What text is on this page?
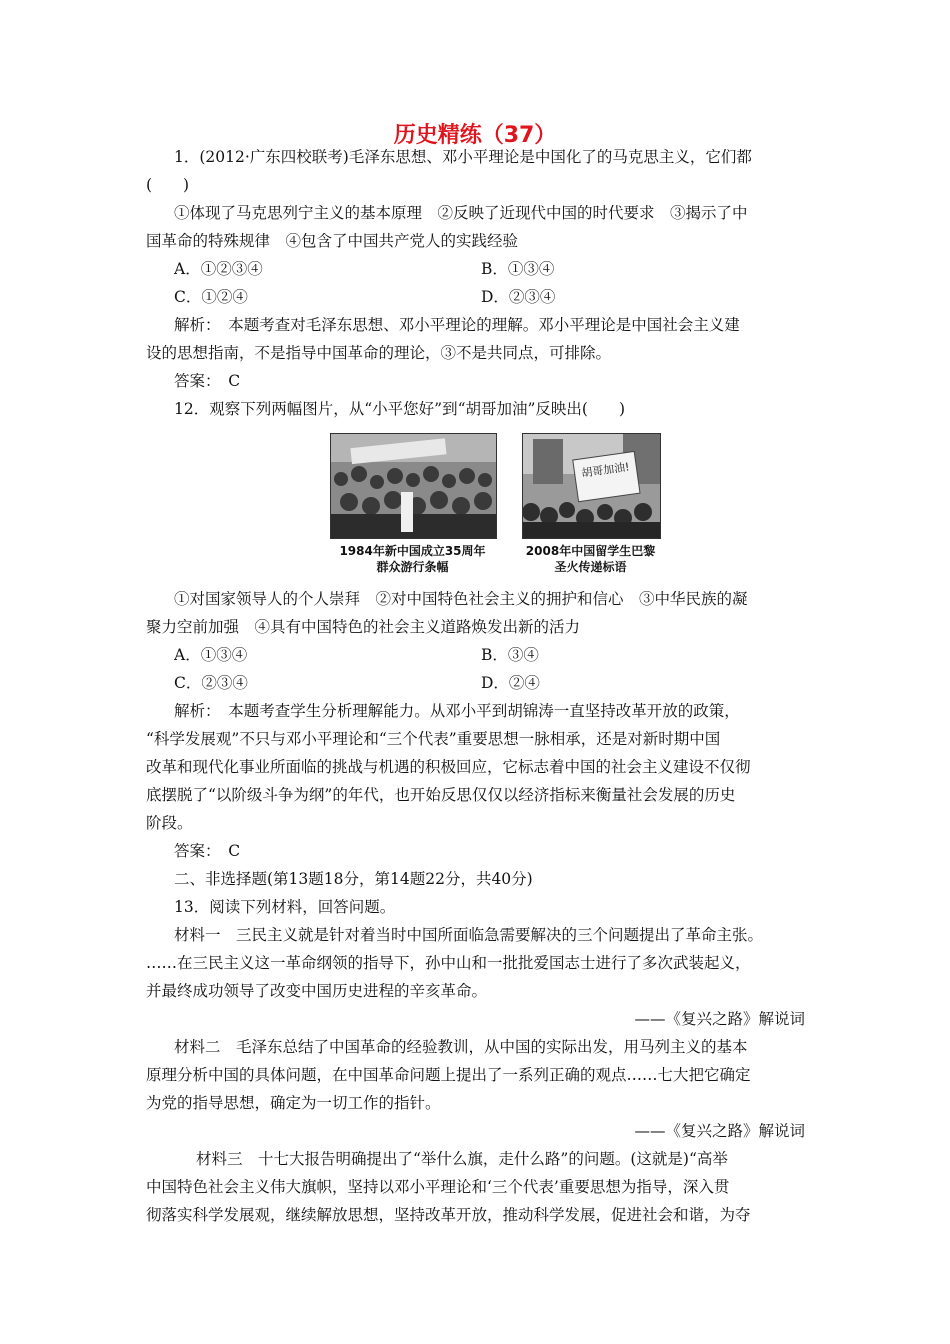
历史精练（37）
1．(2012·广东四校联考)毛泽东思想、邓小平理论是中国化了的马克思主义，它们都
(　　)
①体现了马克思列宁主义的基本原理　②反映了近现代中国的时代要求　③揭示了中
国革命的特殊规律　④包含了中国共产党人的实践经验
A．①②③④	B．①③④
C．①②④	D．②③④
解析：　本题考查对毛泽东思想、邓小平理论的理解。邓小平理论是中国社会主义建
设的思想指南，不是指导中国革命的理论，③不是共同点，可排除。
答案：　C
12．观察下列两幅图片，从“小平您好”到“胡哥加油”反映出(　　)
1984年新中国成立35周年
群众游行条幅
胡哥加油!
2008年中国留学生巴黎
圣火传递标语
①对国家领导人的个人崇拜　②对中国特色社会主义的拥护和信心　③中华民族的凝
聚力空前加强　④具有中国特色的社会主义道路焕发出新的活力
A．①③④	B．③④
C．②③④	D．②④
解析：　本题考查学生分析理解能力。从邓小平到胡锦涛一直坚持改革开放的政策，
“科学发展观”不只与邓小平理论和“三个代表”重要思想一脉相承，还是对新时期中国
改革和现代化事业所面临的挑战与机遇的积极回应，它标志着中国的社会主义建设不仅彻
底摆脱了“以阶级斗争为纲”的年代，也开始反思仅仅以经济指标来衡量社会发展的历史
阶段。
答案：　C
二、非选择题(第13题18分，第14题22分，共40分)
13．阅读下列材料，回答问题。
材料一　三民主义就是针对着当时中国所面临急需要解决的三个问题提出了革命主张。
……在三民主义这一革命纲领的指导下，孙中山和一批批爱国志士进行了多次武装起义，
并最终成功领导了改变中国历史进程的辛亥革命。
——《复兴之路》解说词
材料二　毛泽东总结了中国革命的经验教训，从中国的实际出发，用马列主义的基本
原理分析中国的具体问题，在中国革命问题上提出了一系列正确的观点……七大把它确定
为党的指导思想，确定为一切工作的指针。
——《复兴之路》解说词
材料三　十七大报告明确提出了“举什么旗，走什么路”的问题。(这就是)“高举
中国特色社会主义伟大旗帜，坚持以邓小平理论和‘三个代表’重要思想为指导，深入贯
彻落实科学发展观，继续解放思想，坚持改革开放，推动科学发展，促进社会和谐，为夺
